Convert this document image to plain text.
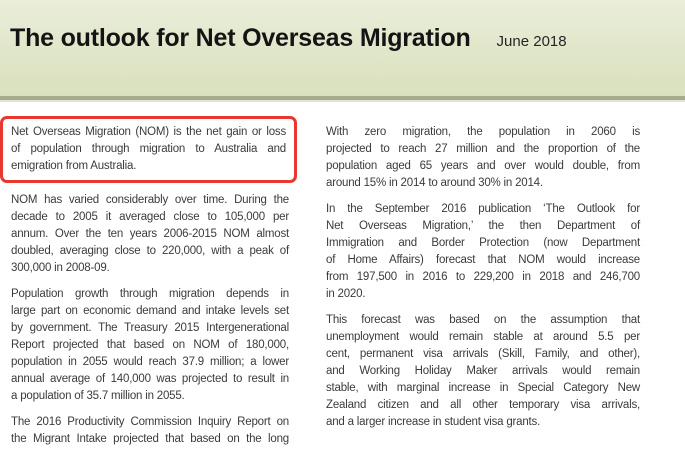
The outlook for Net Overseas Migration June 2018
Net Overseas Migration (NOM) is the net gain or loss
of population through migration to Australia and
emigration from Australia.
NOM has varied considerably over time. During the
decade to 2005 it averaged close to 105,000 per
annum. Over the ten years 2006-2015 NOM almost
doubled, averaging close to 220,000, with a peak of
300,000 in 2008-09.
Population growth through migration depends in
large part on economic demand and intake levels set
by government. The Treasury 2015 Intergenerational
Report projected that based on NOM of 180,000,
population in 2055 would reach 37.9 million; a lower
annual average of 140,000 was projected to result in
a population of 35.7 million in 2055.
The 2016 Productivity Commission Inquiry Report on
the Migrant Intake projected that based on the long
With zero migration, the population in 2060 is
projected to reach 27 million and the proportion of the
population aged 65 years and over would double, from
around 15% in 2014 to around 30% in 2014.
In the September 2016 publication ‘The Outlook for
Net Overseas Migration,’ the then Department of
Immigration and Border Protection (now Department
of Home Affairs) forecast that NOM would increase
from 197,500 in 2016 to 229,200 in 2018 and 246,700
in 2020.
This forecast was based on the assumption that
unemployment would remain stable at around 5.5 per
cent, permanent visa arrivals (Skill, Family, and other),
and Working Holiday Maker arrivals would remain
stable, with marginal increase in Special Category New
Zealand citizen and all other temporary visa arrivals,
and a larger increase in student visa grants.
